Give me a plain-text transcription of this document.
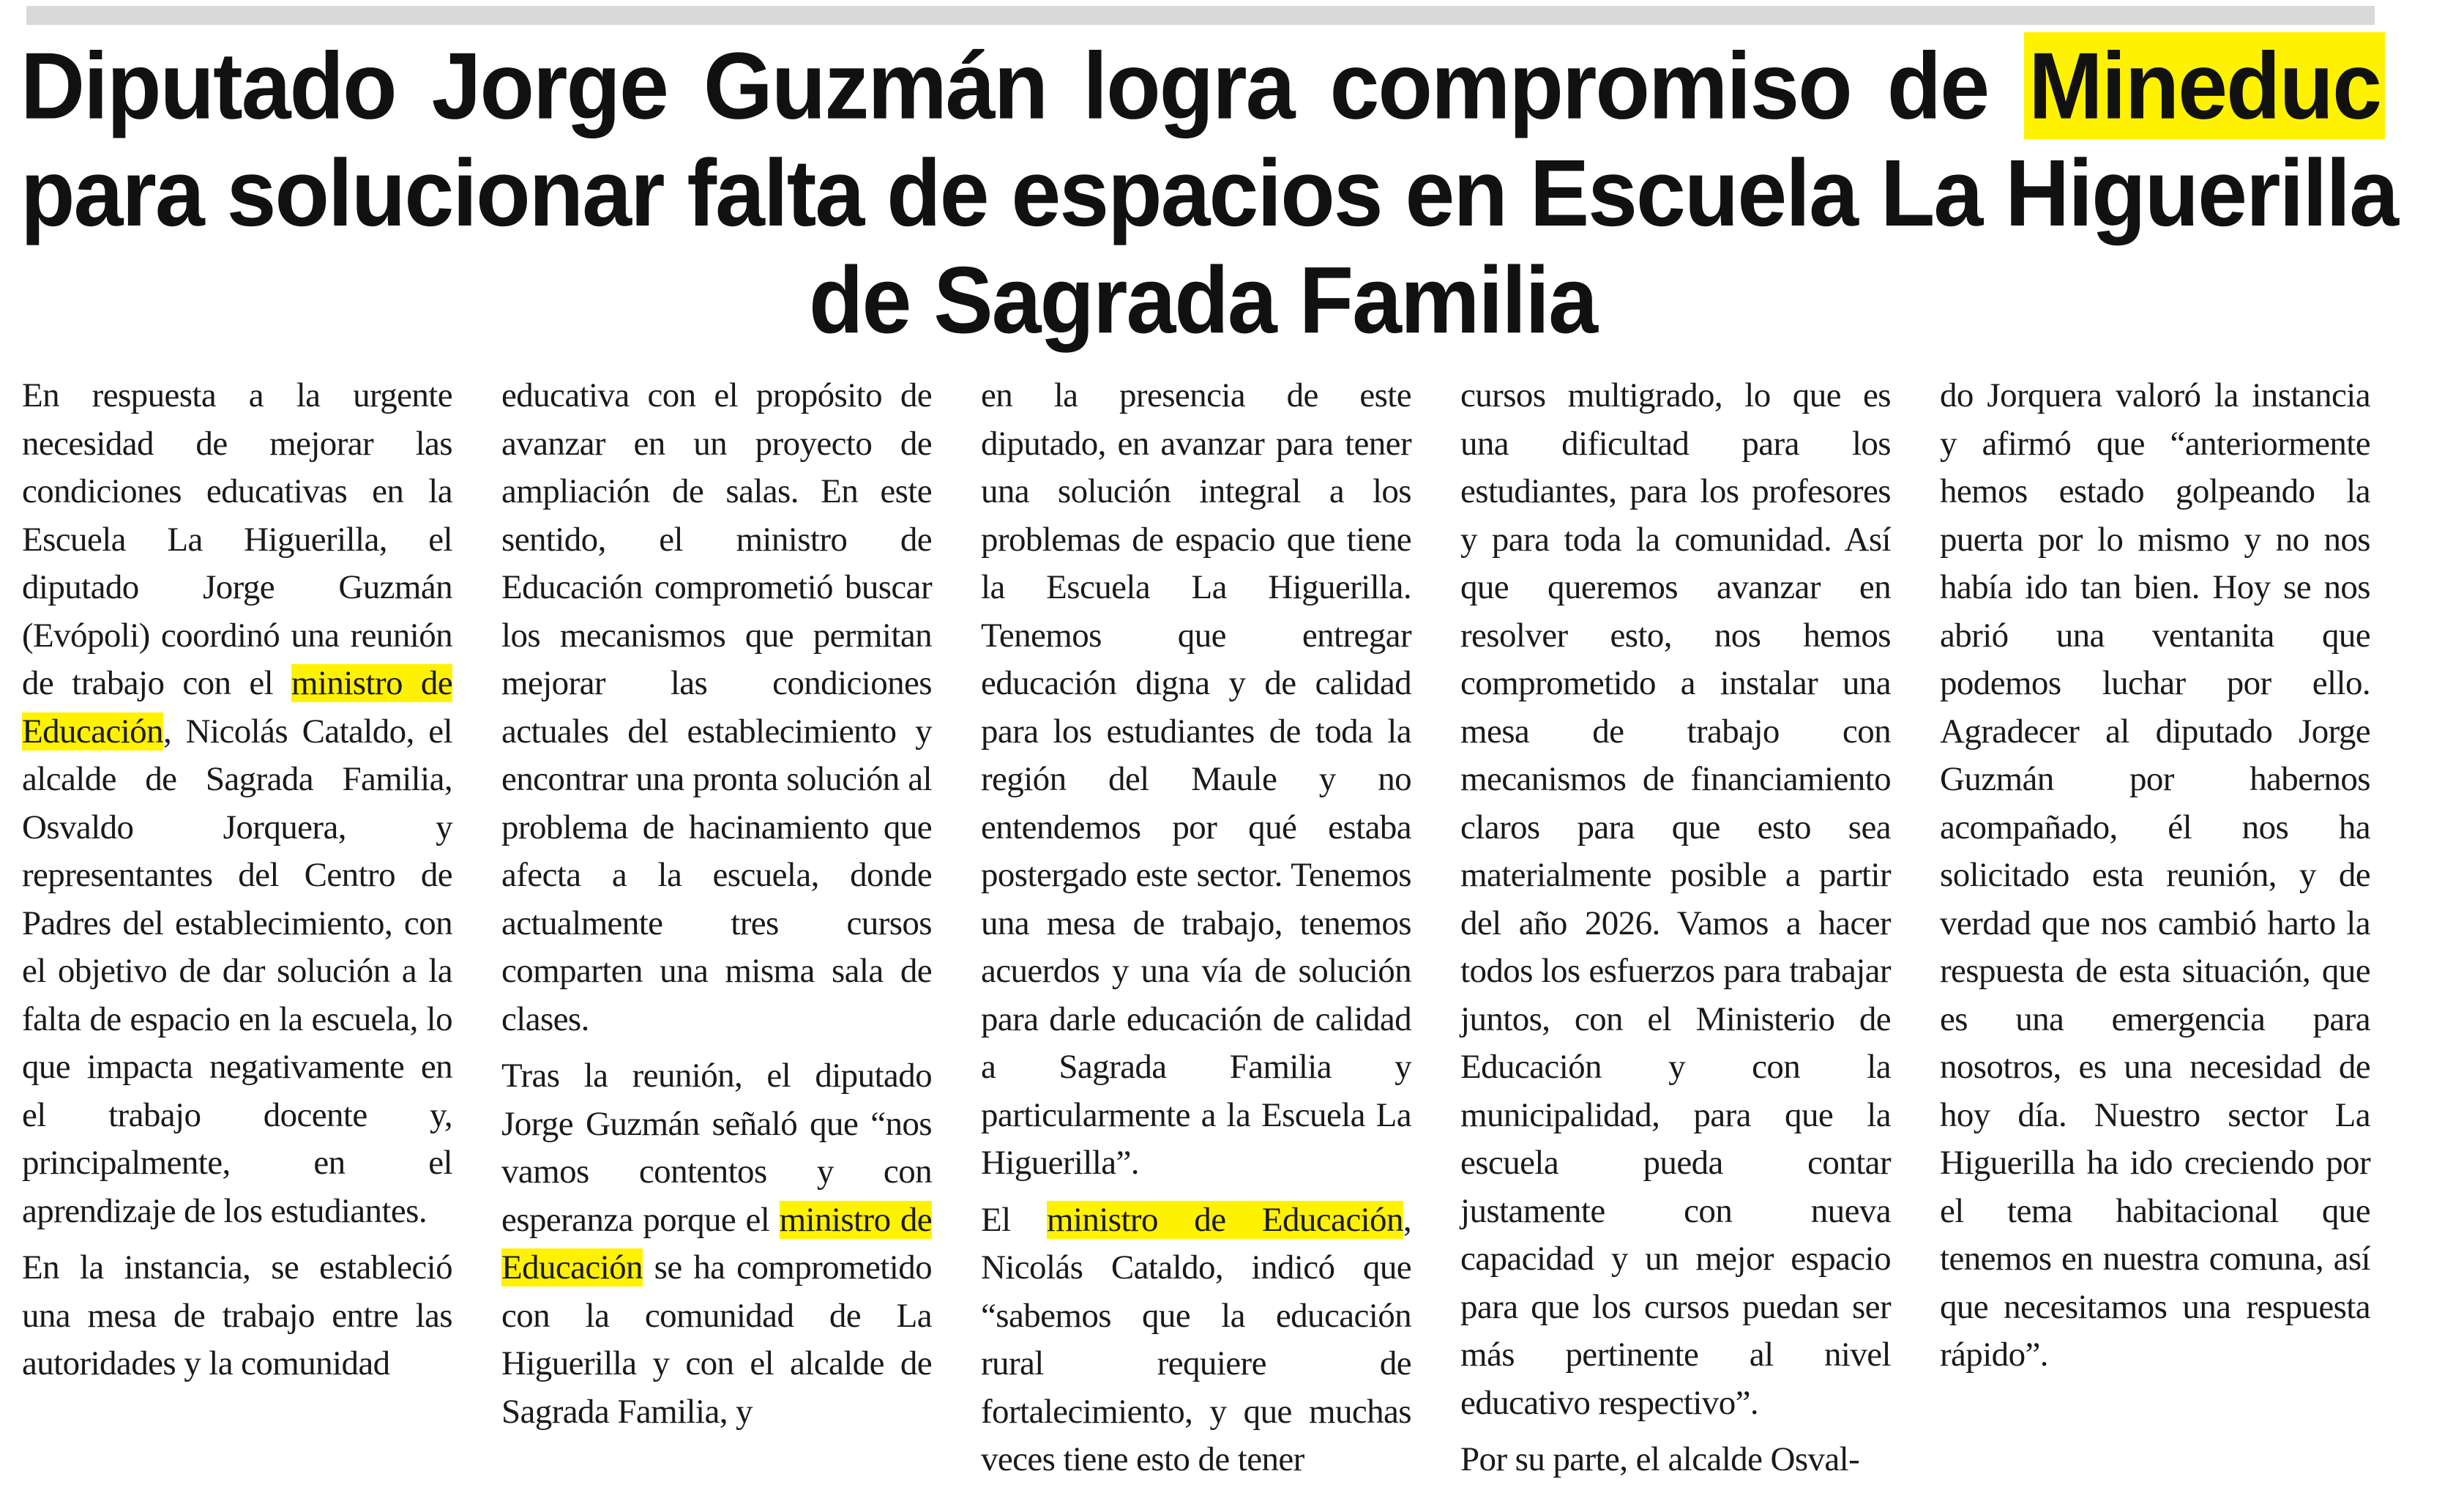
Diputado Jorge Guzmán logra compromiso de Mineduc
para solucionar falta de espacios en Escuela La Higuerilla
de Sagrada Familia

En respuesta a la urgente necesidad de mejorar las condiciones educativas en la Escuela La Higuerilla, el diputado Jorge Guzmán (Evópoli) coordinó una reunión de trabajo con el ministro de Educación, Nicolás Cataldo, el alcalde de Sagrada Familia, Osvaldo Jorquera, y representantes del Centro de Padres del establecimiento, con el objetivo de dar solución a la falta de espacio en la escuela, lo que impacta negativamente en el trabajo docente y, principalmente, en el aprendizaje de los estudiantes.

En la instancia, se estableció una mesa de trabajo entre las autoridades y la comunidad

educativa con el propósito de avanzar en un proyecto de ampliación de salas. En este sentido, el ministro de Educación comprometió buscar los mecanismos que permitan mejorar las condiciones actuales del establecimiento y encontrar una pronta solución al problema de hacinamiento que afecta a la escuela, donde actualmente tres cursos comparten una misma sala de clases.

Tras la reunión, el diputado Jorge Guzmán señaló que “nos vamos contentos y con esperanza porque el ministro de Educación se ha comprometido con la comunidad de La Higuerilla y con el alcalde de Sagrada Familia, y

en la presencia de este diputado, en avanzar para tener una solución integral a los problemas de espacio que tiene la Escuela La Higuerilla. Tenemos que entregar educación digna y de calidad para los estudiantes de toda la región del Maule y no entendemos por qué estaba postergado este sector. Tenemos una mesa de trabajo, tenemos acuerdos y una vía de solución para darle educación de calidad a Sagrada Familia y particularmente a la Escuela La Higuerilla”.

El ministro de Educación, Nicolás Cataldo, indicó que “sabemos que la educación rural requiere de fortalecimiento, y que muchas veces tiene esto de tener

cursos multigrado, lo que es una dificultad para los estudiantes, para los profesores y para toda la comunidad. Así que queremos avanzar en resolver esto, nos hemos comprometido a instalar una mesa de trabajo con mecanismos de financiamiento claros para que esto sea materialmente posible a partir del año 2026. Vamos a hacer todos los esfuerzos para trabajar juntos, con el Ministerio de Educación y con la municipalidad, para que la escuela pueda contar justamente con nueva capacidad y un mejor espacio para que los cursos puedan ser más pertinente al nivel educativo respectivo”.

Por su parte, el alcalde Osval-

do Jorquera valoró la instancia y afirmó que “anteriormente hemos estado golpeando la puerta por lo mismo y no nos había ido tan bien. Hoy se nos abrió una ventanita que podemos luchar por ello. Agradecer al diputado Jorge Guzmán por habernos acompañado, él nos ha solicitado esta reunión, y de verdad que nos cambió harto la respuesta de esta situación, que es una emergencia para nosotros, es una necesidad de hoy día. Nuestro sector La Higuerilla ha ido creciendo por el tema habitacional que tenemos en nuestra comuna, así que necesitamos una respuesta rápido”.
